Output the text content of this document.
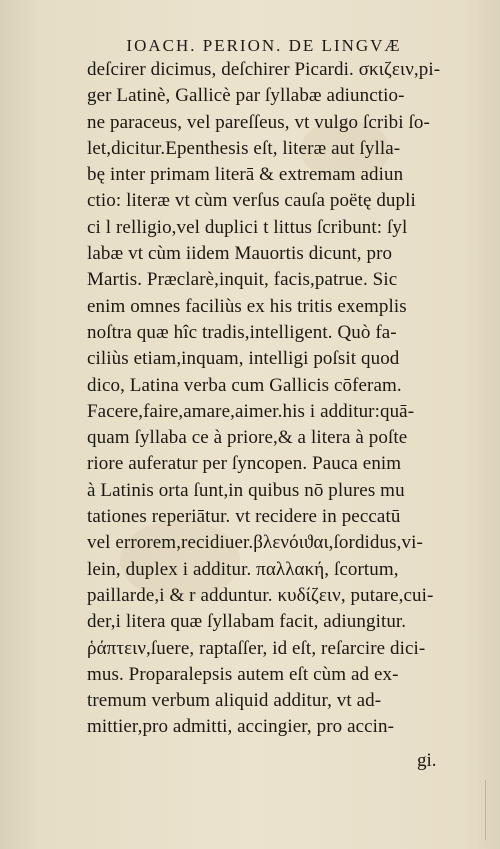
IOACH. PERION. DE LINGVÆ
deſcirer dicimus, deſchirer Picardi. σκιζειν,pi-
ger Latinè, Gallicè par ſyllabæ adiunctio-
ne paraceus, vel pareſſeus, vt vulgo ſcribi ſo-
let,dicitur.Epenthesis eſt, literæ aut ſylla-
bę inter primam literā & extremam adiun
ctio: literæ vt cùm verſus cauſa poëtę dupli
ci l relligio,vel duplici t littus ſcribunt: ſyl
labæ vt cùm iidem Mauortis dicunt, pro
Martis. Præclarè,inquit, facis,patrue. Sic
enim omnes faciliùs ex his tritis exemplis
noſtra quæ hîc tradis,intelligent. Quò fa-
ciliùs etiam,inquam, intelligi poſsit quod
dico, Latina verba cum Gallicis cōferam.
Facere,faire,amare,aimer.his i additur:quā-
quam ſyllaba ce à priore,& a litera à poſte
riore auferatur per ſyncopen. Pauca enim
à Latinis orta ſunt,in quibus nō plures mu
tationes reperiātur. vt recidere in peccatū
vel errorem,recidiuer.βλενόιϑαι,ſordidus,vi-
lein, duplex i additur. παλλακή, ſcortum,
paillarde,i & r adduntur. κυδίζειν, putare,cui-
der,i litera quæ ſyllabam facit, adiungitur.
ῥάπτειν,ſuere, raptaſſer, id eſt, reſarcire dici-
mus. Proparalepsis autem eſt cùm ad ex-
tremum verbum aliquid additur, vt ad-
mittier,pro admitti, accingier, pro accin-
gi.
